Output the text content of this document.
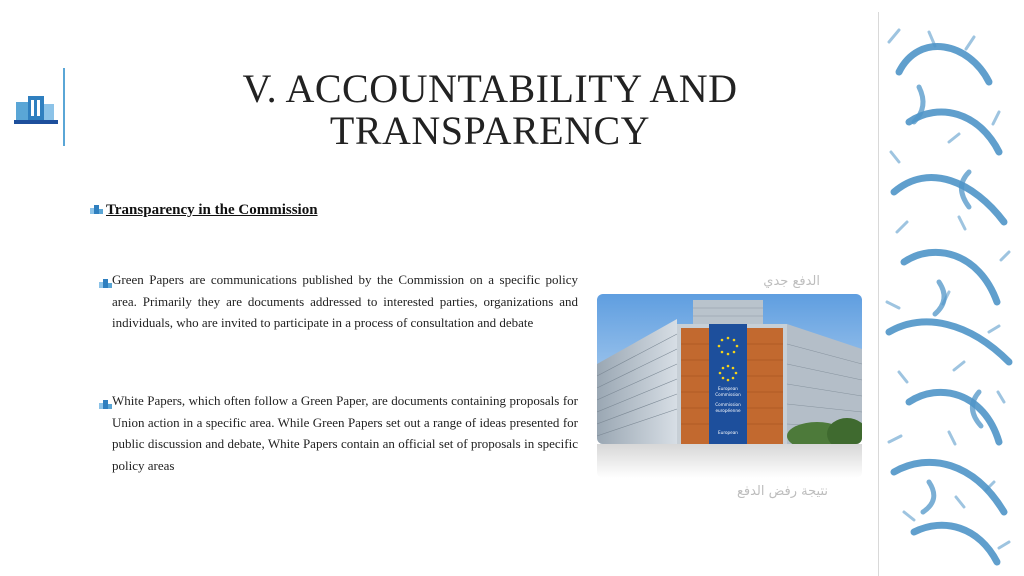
V. ACCOUNTABILITY AND TRANSPARENCY
Transparency in the Commission
Green Papers are communications published by the Commission on a specific policy area. Primarily they are documents addressed to interested parties, organizations and individuals, who are invited to participate in a process of consultation and debate
White Papers, which often follow a Green Paper, are documents containing proposals for Union action in a specific area. While Green Papers set out a range of ideas presented for public discussion and debate, White Papers contain an official set of proposals in specific policy areas
الدفع جدي
نتيجة رفض الدفع
European
Commission
Commission
européenne
European
